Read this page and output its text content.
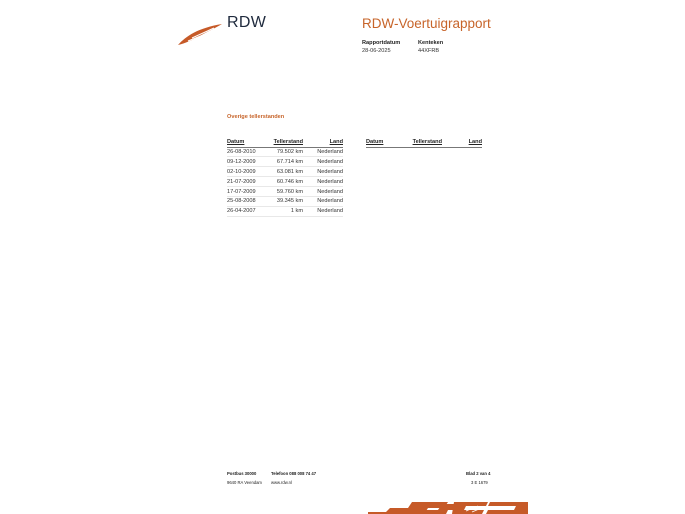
RDW	RDW-Voertuigrapport
Rapportdatum
28-06-2025
Kenteken
44XFRB
Overige tellerstanden
Datum	Tellerstand	Land
26-08-2010	79.502 km	Nederland
09-12-2009	67.714 km	Nederland
02-10-2009	63.081 km	Nederland
21-07-2009	60.746 km	Nederland
17-07-2009	59.760 km	Nederland
25-08-2008	39.345 km	Nederland
26-04-2007	1 km	Nederland
Datum	Tellerstand	Land
Postbus 30000	Telefoon 088 008 74 47	Blad 2 van 4
9640 RA Veendam www.rdw.nl	3 E 1679
